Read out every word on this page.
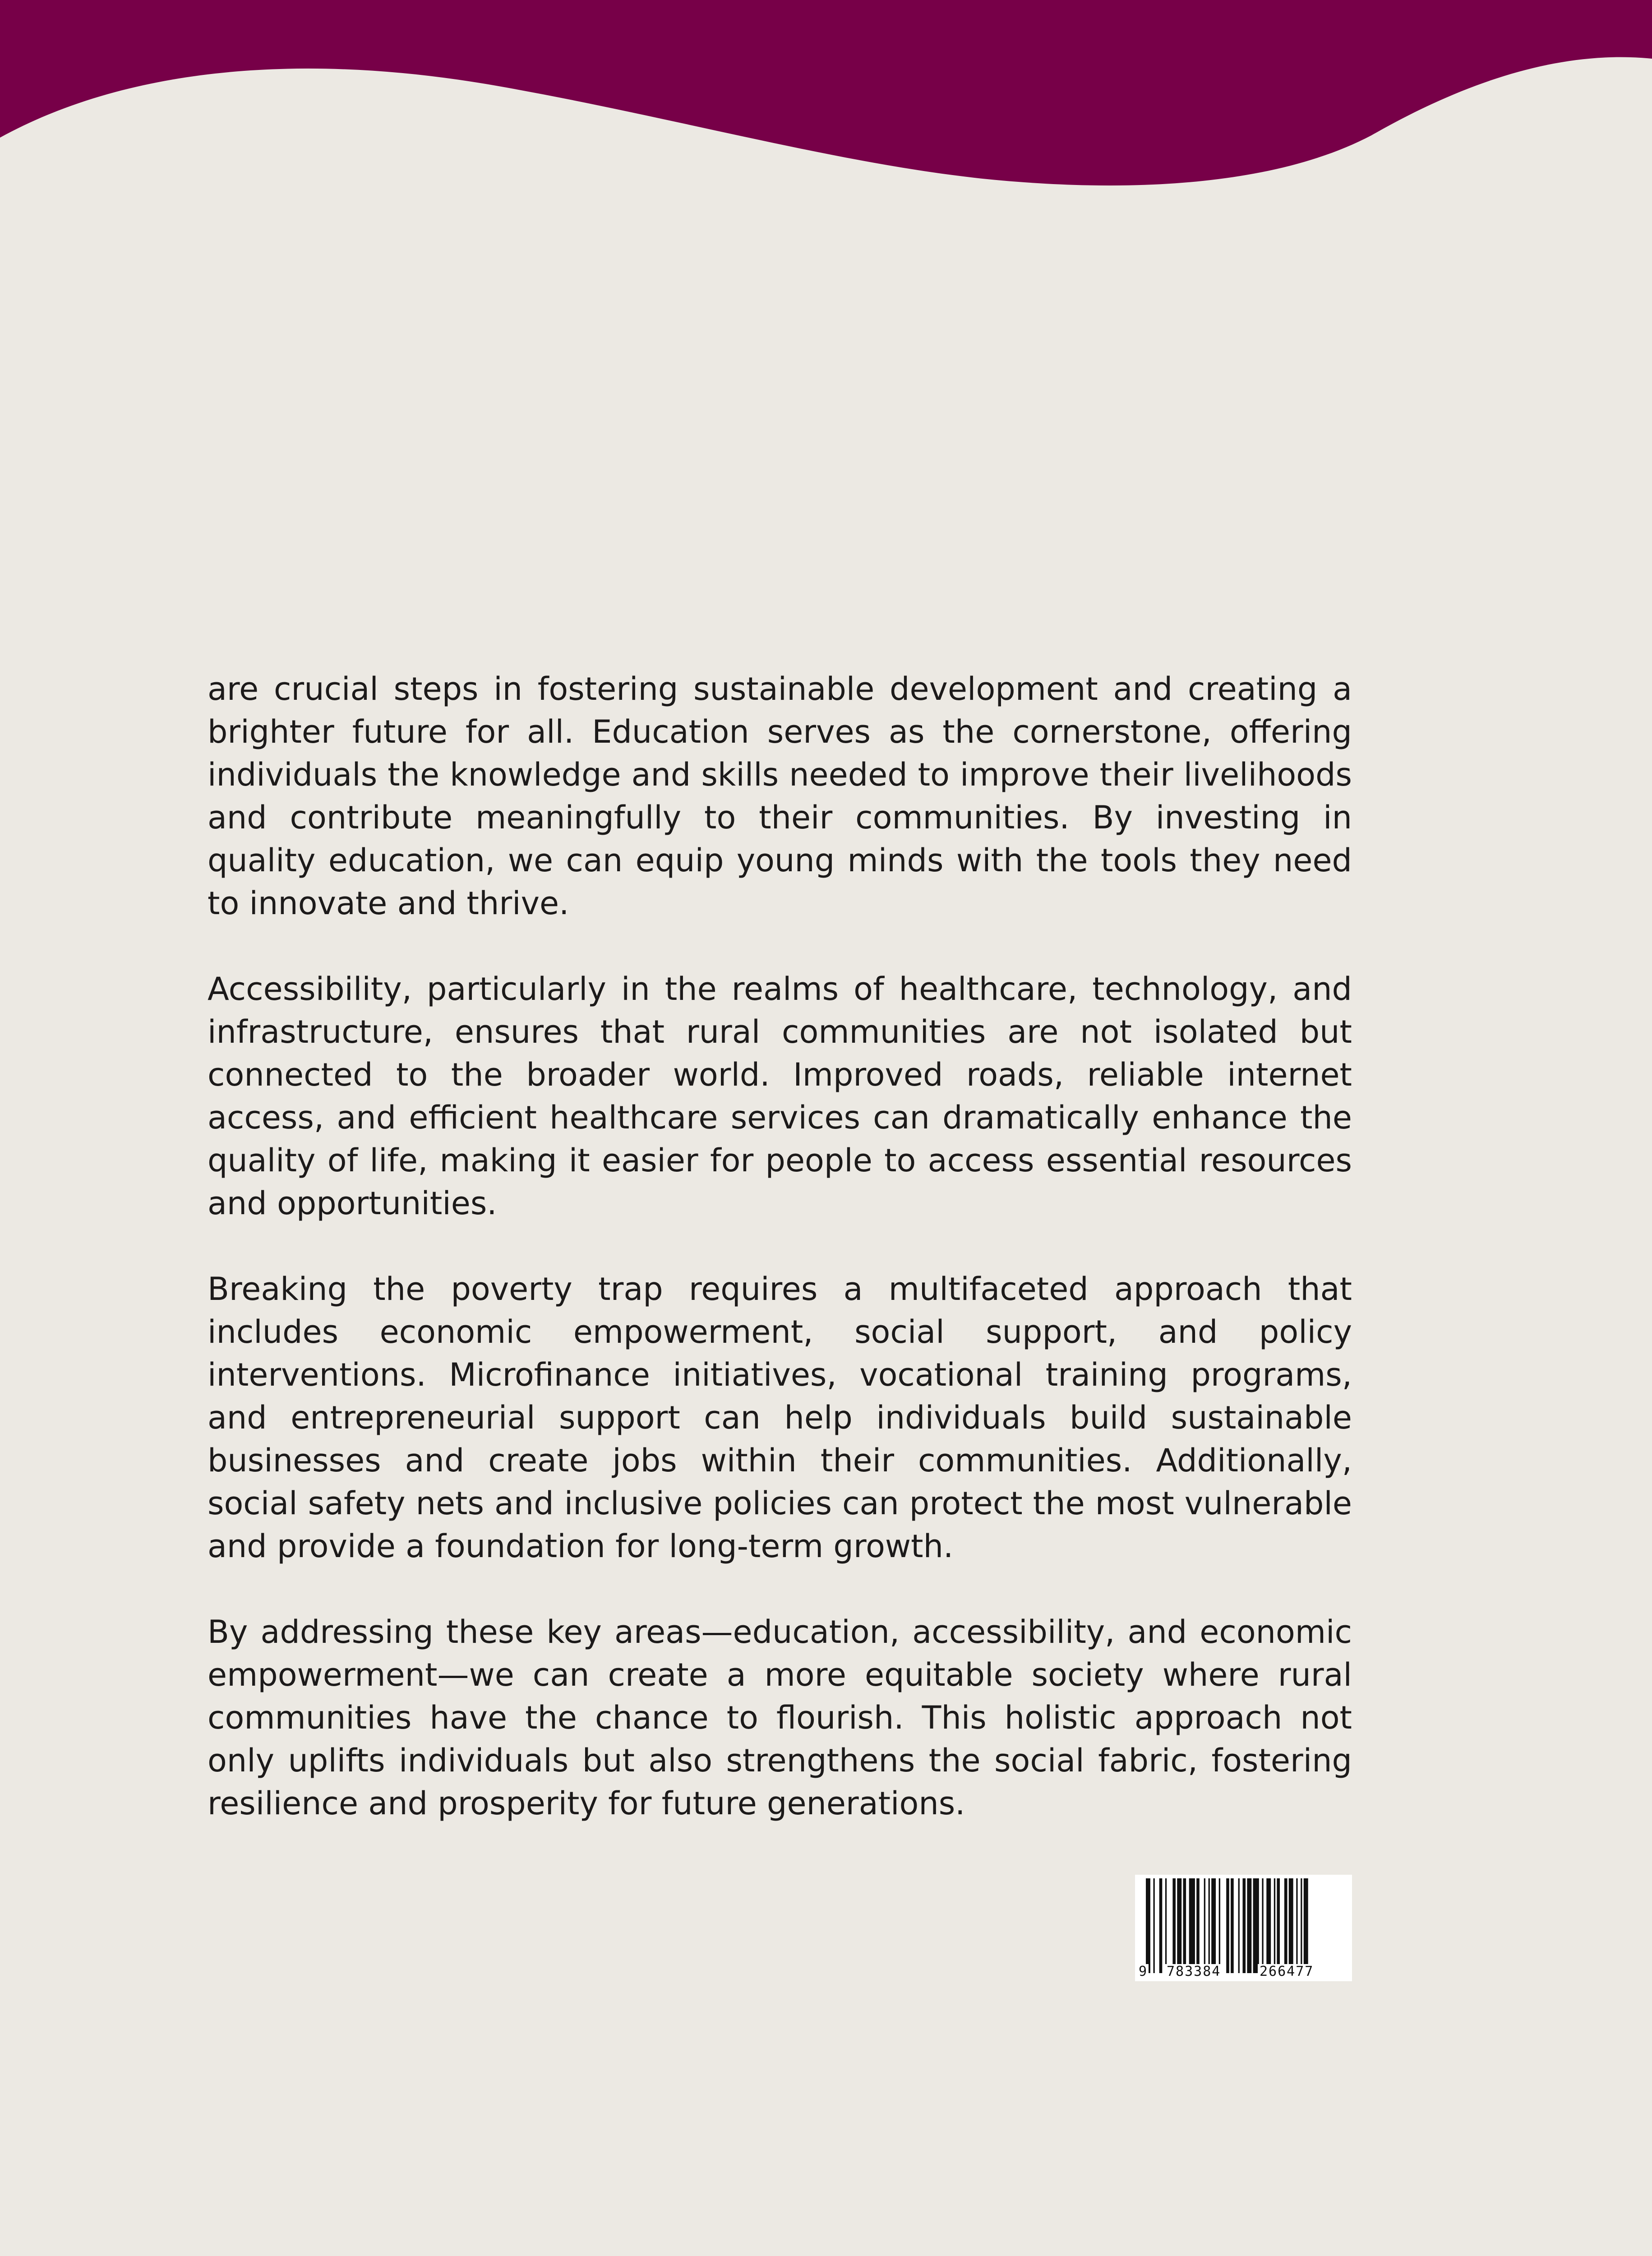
are crucial steps in fostering sustainable development and creating a brighter future for all. Education serves as the cornerstone, offering individuals the knowledge and skills needed to improve their livelihoods and contribute meaningfully to their communities. By investing in quality education, we can equip young minds with the tools they need to innovate and thrive.

Accessibility, particularly in the realms of healthcare, technology, and infrastructure, ensures that rural communities are not isolated but connected to the broader world. Improved roads, reliable internet access, and efficient healthcare services can dramatically enhance the quality of life, making it easier for people to access essential resources and opportunities.

Breaking the poverty trap requires a multifaceted approach that includes economic empowerment, social support, and policy interventions. Microfinance initiatives, vocational training programs, and entrepreneurial support can help individuals build sustainable businesses and create jobs within their communities. Additionally, social safety nets and inclusive policies can protect the most vulnerable and provide a foundation for long-term growth.

By addressing these key areas—education, accessibility, and economic empowerment—we can create a more equitable society where rural communities have the chance to flourish. This holistic approach not only uplifts individuals but also strengthens the social fabric, fostering resilience and prosperity for future generations.

9 783384	266477
